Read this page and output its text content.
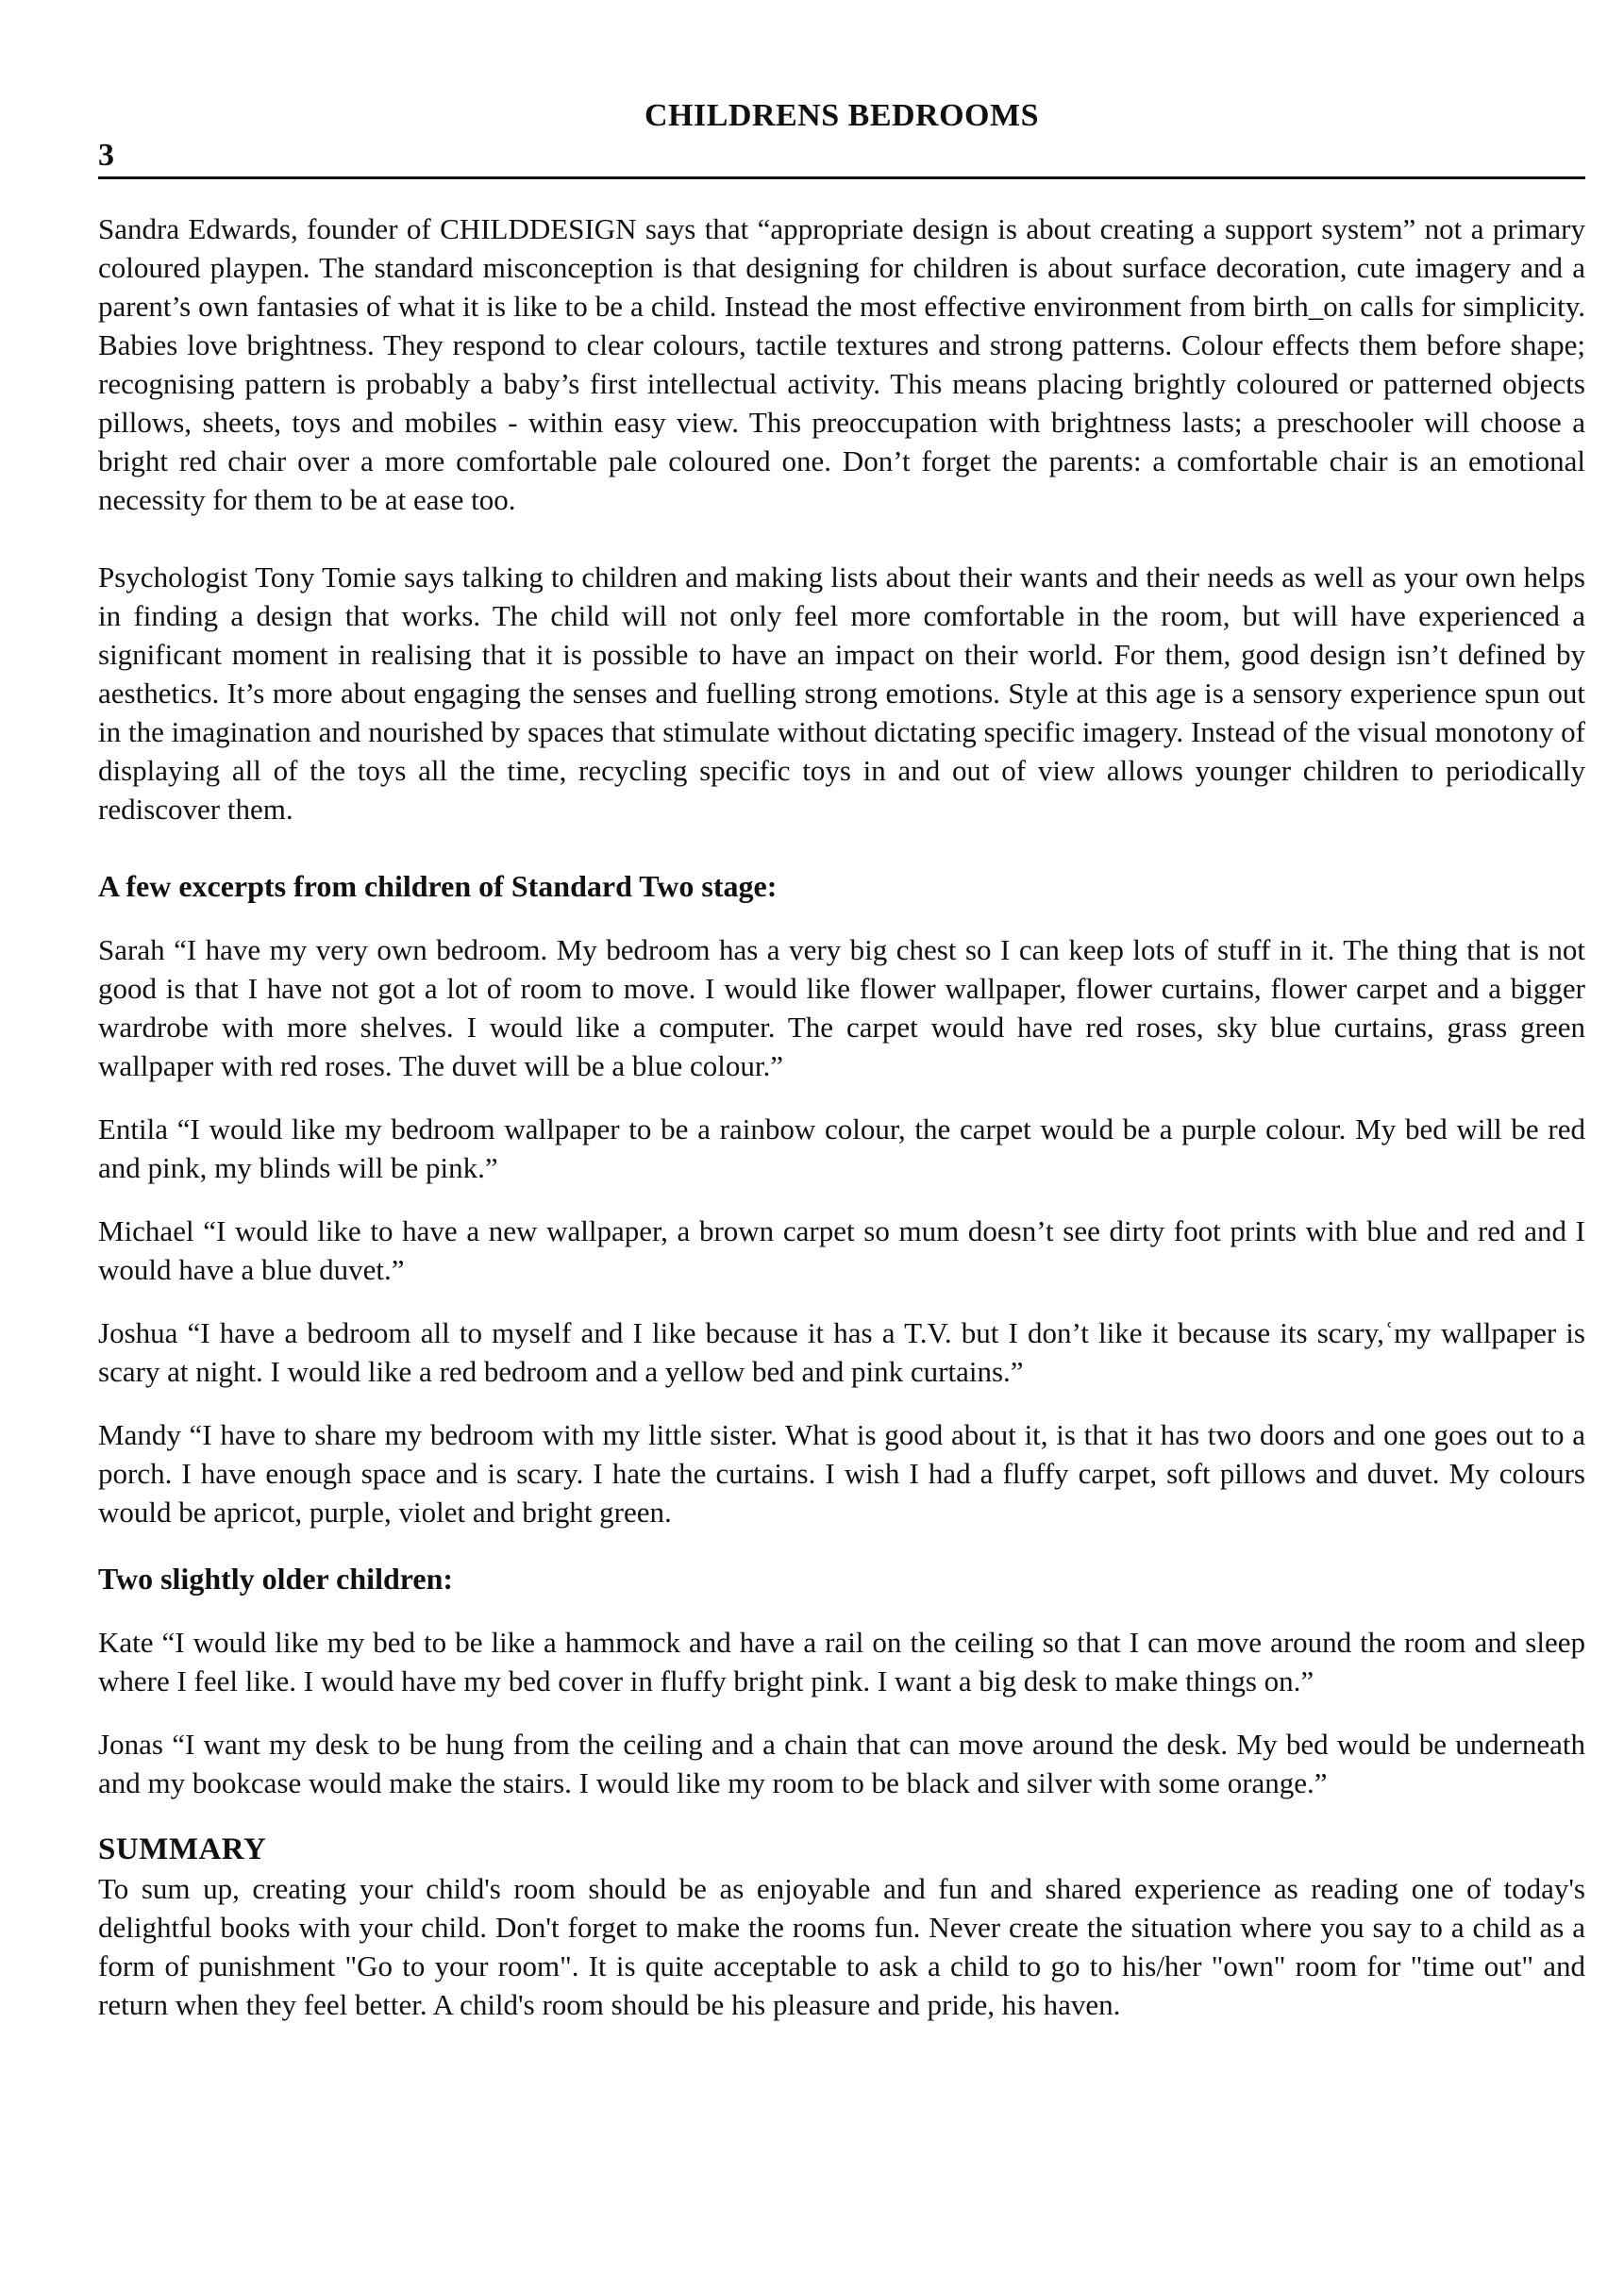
CHILDRENS BEDROOMS
3

Sandra Edwards, founder of CHILDDESIGN says that “appropriate design is about creating a support system” not a primary coloured playpen. The standard misconception is that designing for children is about surface decoration, cute imagery and a parent’s own fantasies of what it is like to be a child. Instead the most effective environment from birth_on calls for simplicity. Babies love brightness. They respond to clear colours, tactile textures and strong patterns. Colour effects them before shape; recognising pattern is probably a baby’s first intellectual activity. This means placing brightly coloured or patterned objects pillows, sheets, toys and mobiles - within easy view. This preoccupation with brightness lasts; a preschooler will choose a bright red chair over a more comfortable pale coloured one. Don’t forget the parents: a comfortable chair is an emotional necessity for them to be at ease too.

Psychologist Tony Tomie says talking to children and making lists about their wants and their needs as well as your own helps in finding a design that works. The child will not only feel more comfortable in the room, but will have experienced a significant moment in realising that it is possible to have an impact on their world. For them, good design isn’t defined by aesthetics. It’s more about engaging the senses and fuelling strong emotions. Style at this age is a sensory experience spun out in the imagination and nourished by spaces that stimulate without dictating specific imagery. Instead of the visual monotony of displaying all of the toys all the time, recycling specific toys in and out of view allows younger children to periodically rediscover them.

A few excerpts from children of Standard Two stage:

Sarah “I have my very own bedroom. My bedroom has a very big chest so I can keep lots of stuff in it. The thing that is not good is that I have not got a lot of room to move. I would like flower wallpaper, flower curtains, flower carpet and a bigger wardrobe with more shelves. I would like a computer. The carpet would have red roses, sky blue curtains, grass green wallpaper with red roses. The duvet will be a blue colour.”

Entila “I would like my bedroom wallpaper to be a rainbow colour, the carpet would be a purple colour. My bed will be red and pink, my blinds will be pink.”

Michael “I would like to have a new wallpaper, a brown carpet so mum doesn’t see dirty foot prints with blue and red and I would have a blue duvet.”

Joshua “I have a bedroom all to myself and I like because it has a T.V. but I don’t like it because its scary,ʿmy wallpaper is scary at night. I would like a red bedroom and a yellow bed and pink curtains.”

Mandy “I have to share my bedroom with my little sister. What is good about it, is that it has two doors and one goes out to a porch. I have enough space and is scary. I hate the curtains. I wish I had a fluffy carpet, soft pillows and duvet. My colours would be apricot, purple, violet and bright green.

Two slightly older children:

Kate “I would like my bed to be like a hammock and have a rail on the ceiling so that I can move around the room and sleep where I feel like. I would have my bed cover in fluffy bright pink. I want a big desk to make things on.”

Jonas “I want my desk to be hung from the ceiling and a chain that can move around the desk. My bed would be underneath and my bookcase would make the stairs. I would like my room to be black and silver with some orange.”

SUMMARY

To sum up, creating your child's room should be as enjoyable and fun and shared experience as reading one of today's delightful books with your child. Don't forget to make the rooms fun. Never create the situation where you say to a child as a form of punishment "Go to your room". It is quite acceptable to ask a child to go to his/her "own" room for "time out" and return when they feel better. A child's room should be his pleasure and pride, his haven.
